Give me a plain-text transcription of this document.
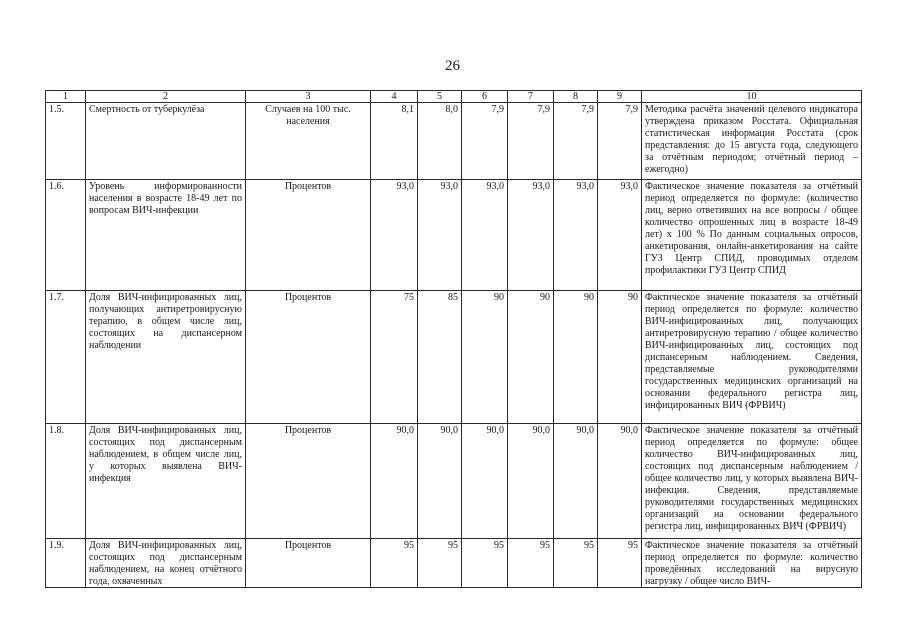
26
1	2	3	4	5	6	7	8	9	10
1.5.	Смертность от туберкулёза	Случаев на 100 тыс. населения	8,1	8,0	7,9	7,9	7,9	7,9	Методика расчёта значений целевого индикатора утверждена приказом Росстата. Официальная статистическая информация Росстата (срок представления: до 15 августа года, следующего за отчётным периодом; отчётный период – ежегодно)
1.6.	Уровень информированности населения в возрасте 18-49 лет по вопросам ВИЧ-инфекции	Процентов	93,0	93,0	93,0	93,0	93,0	93,0	Фактическое значение показателя за отчётный период определяется по формуле: (количество лиц, верно ответивших на все вопросы / общее количество опрошенных лиц в возрасте 18-49 лет) х 100 % По данным социальных опросов, анкетирования, онлайн-анкетирования на сайте ГУЗ Центр СПИД, проводимых отделом профилактики ГУЗ Центр СПИД
1.7.	Доля ВИЧ-инфицированных лиц, получающих антиретровирусную терапию, в общем числе лиц, состоящих на диспансерном наблюдении	Процентов	75	85	90	90	90	90	Фактическое значение показателя за отчётный период определяется по формуле: количество ВИЧ-инфицированных лиц, получающих антиретровирусную терапию / общее количество ВИЧ-инфицированных лиц, состоящих под диспансерным наблюдением. Сведения, представляемые руководителями государственных медицинских организаций на основании федерального регистра лиц, инфицированных ВИЧ (ФРВИЧ)
1.8.	Доля ВИЧ-инфицированных лиц, состоящих под диспансерным наблюдением, в общем числе лиц, у которых выявлена ВИЧ-инфекция	Процентов	90,0	90,0	90,0	90,0	90,0	90,0	Фактическое значение показателя за отчётный период определяется по формуле: общее количество ВИЧ-инфицированных лиц, состоящих под диспансерным наблюдением / общее количество лиц, у которых выявлена ВИЧ-инфекция. Сведения, представляемые руководителями государственных медицинских организаций на основании федерального регистра лиц, инфицированных ВИЧ (ФРВИЧ)
1.9.	Доля ВИЧ-инфицированных лиц, состоящих под диспансерным наблюдением, на конец отчётного года, охваченных	Процентов	95	95	95	95	95	95	Фактическое значение показателя за отчётный период определяется по формуле: количество проведённых исследований на вирусную нагрузку / общее число ВИЧ-
